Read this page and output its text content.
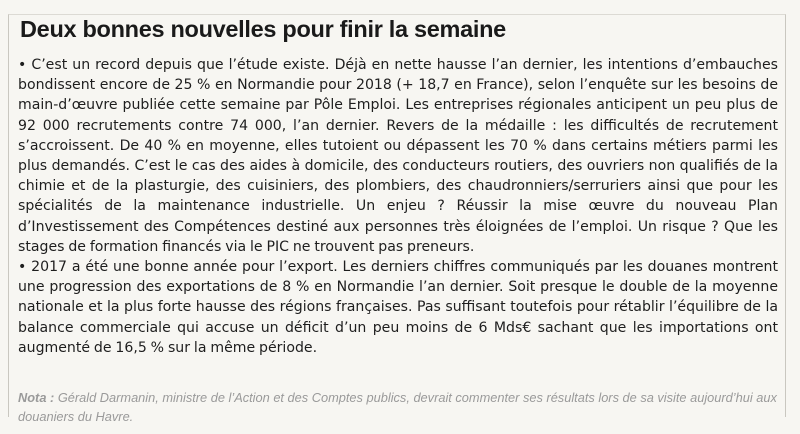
Deux bonnes nouvelles pour finir la semaine

• C’est un record depuis que l’étude existe. Déjà en nette hausse l’an dernier, les intentions d’embauches bondissent encore de 25 % en Normandie pour 2018 (+ 18,7 en France), selon l’enquête sur les besoins de main-d’œuvre publiée cette semaine par Pôle Emploi. Les entreprises régionales anticipent un peu plus de 92 000 recrutements contre 74 000, l’an dernier. Revers de la médaille : les difficultés de recrutement s’accroissent. De 40 % en moyenne, elles tutoient ou dépassent les 70 % dans certains métiers parmi les plus demandés. C’est le cas des aides à domicile, des conducteurs routiers, des ouvriers non qualifiés de la chimie et de la plasturgie, des cuisiniers, des plombiers, des chaudronniers/serruriers ainsi que pour les spécialités de la maintenance industrielle. Un enjeu ? Réussir la mise œuvre du nouveau Plan d’Investissement des Compétences destiné aux personnes très éloignées de l’emploi. Un risque ? Que les stages de formation financés via le PIC ne trouvent pas preneurs.

• 2017 a été une bonne année pour l’export. Les derniers chiffres communiqués par les douanes montrent une progression des exportations de 8 % en Normandie l’an dernier. Soit presque le double de la moyenne nationale et la plus forte hausse des régions françaises. Pas suffisant toutefois pour rétablir l’équilibre de la balance commerciale qui accuse un déficit d’un peu moins de 6 Mds€ sachant que les importations ont augmenté de 16,5 % sur la même période.

Nota : Gérald Darmanin, ministre de l’Action et des Comptes publics, devrait commenter ses résultats lors de sa visite aujourd’hui aux douaniers du Havre.
